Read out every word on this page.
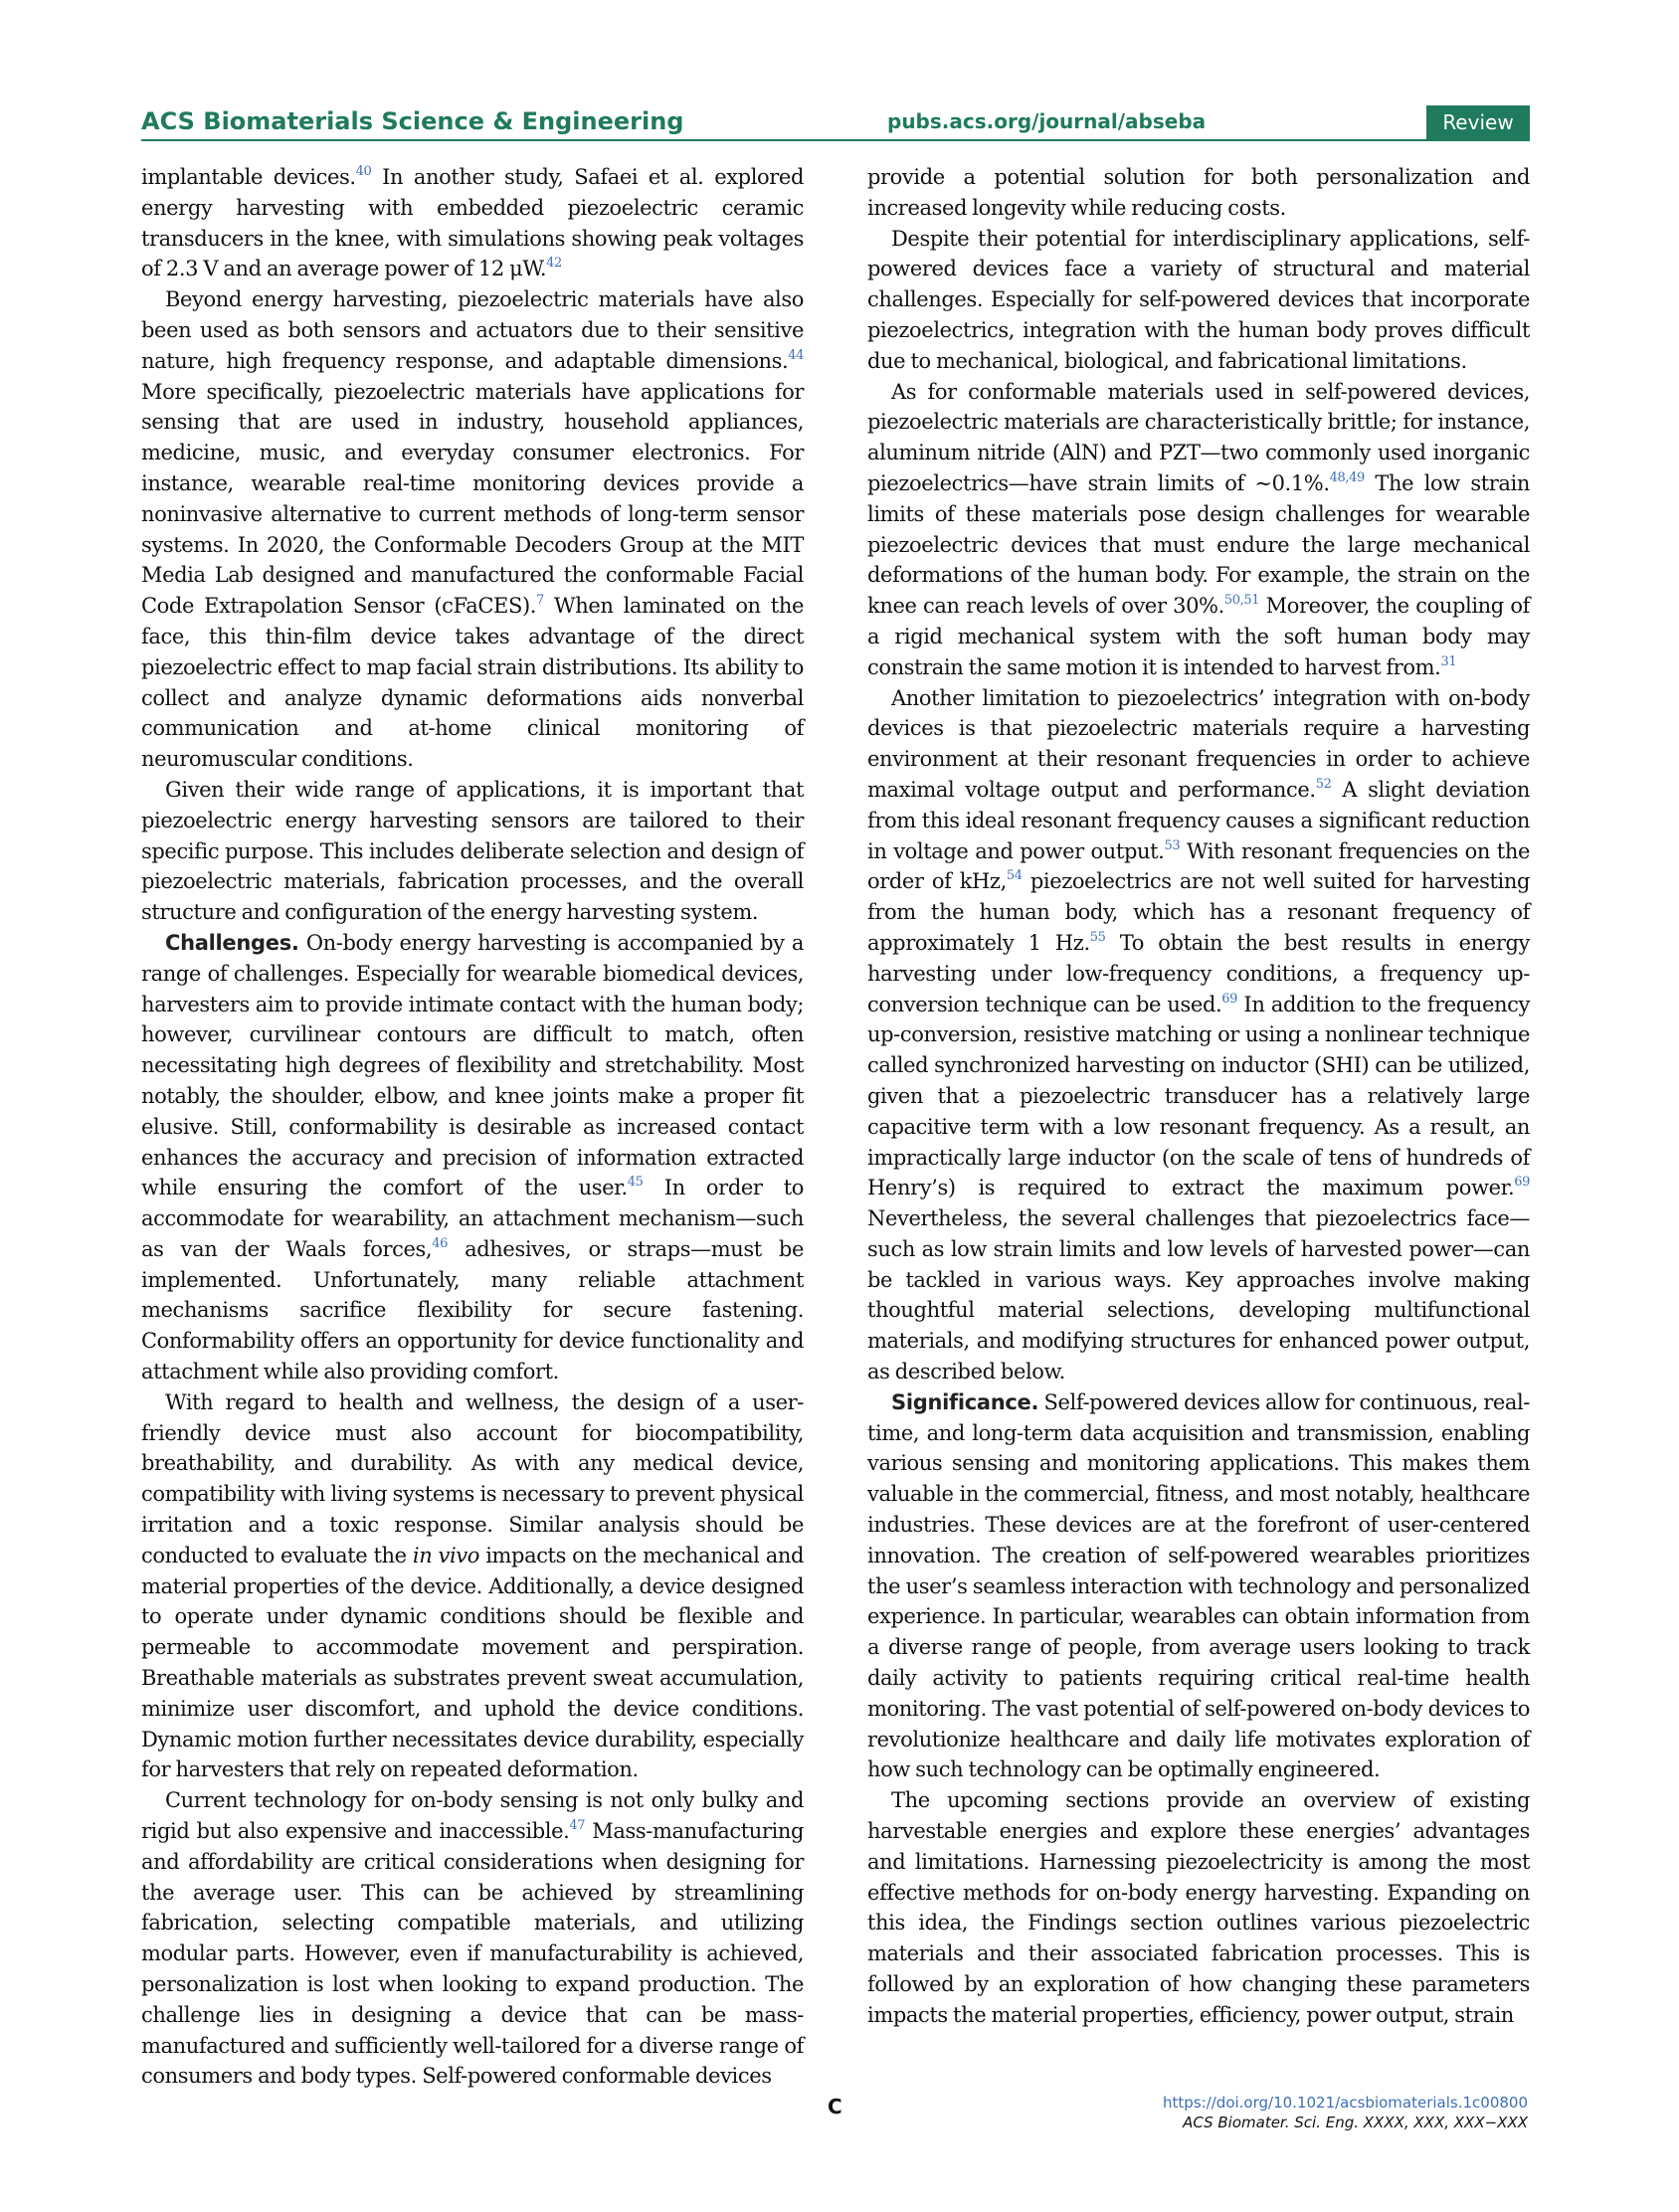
ACS Biomaterials Science & Engineering	pubs.acs.org/journal/abseba	Review

implantable devices.$^{40}$ In another study, Safaei et al. explored energy harvesting with embedded piezoelectric ceramic transducers in the knee, with simulations showing peak voltages of 2.3 V and an average power of 12 μW.$^{42}$

Beyond energy harvesting, piezoelectric materials have also been used as both sensors and actuators due to their sensitive nature, high frequency response, and adaptable dimensions.$^{44}$ More specifically, piezoelectric materials have applications for sensing that are used in industry, household appliances, medicine, music, and everyday consumer electronics. For instance, wearable real-time monitoring devices provide a noninvasive alternative to current methods of long-term sensor systems. In 2020, the Conformable Decoders Group at the MIT Media Lab designed and manufactured the conformable Facial Code Extrapolation Sensor (cFaCES).$^7$ When laminated on the face, this thin-film device takes advantage of the direct piezoelectric effect to map facial strain distributions. Its ability to collect and analyze dynamic deformations aids nonverbal communication and at-home clinical monitoring of neuromuscular conditions.

Given their wide range of applications, it is important that piezoelectric energy harvesting sensors are tailored to their specific purpose. This includes deliberate selection and design of piezoelectric materials, fabrication processes, and the overall structure and configuration of the energy harvesting system.

Challenges. On-body energy harvesting is accompanied by a range of challenges. Especially for wearable biomedical devices, harvesters aim to provide intimate contact with the human body; however, curvilinear contours are difficult to match, often necessitating high degrees of flexibility and stretchability. Most notably, the shoulder, elbow, and knee joints make a proper fit elusive. Still, conformability is desirable as increased contact enhances the accuracy and precision of information extracted while ensuring the comfort of the user.$^{45}$ In order to accommodate for wearability, an attachment mechanism—such as van der Waals forces,$^{46}$ adhesives, or straps—must be implemented. Unfortunately, many reliable attachment mechanisms sacrifice flexibility for secure fastening. Conformability offers an opportunity for device functionality and attachment while also providing comfort.

With regard to health and wellness, the design of a user-friendly device must also account for biocompatibility, breathability, and durability. As with any medical device, compatibility with living systems is necessary to prevent physical irritation and a toxic response. Similar analysis should be conducted to evaluate the in vivo impacts on the mechanical and material properties of the device. Additionally, a device designed to operate under dynamic conditions should be flexible and permeable to accommodate movement and perspiration. Breathable materials as substrates prevent sweat accumulation, minimize user discomfort, and uphold the device conditions. Dynamic motion further necessitates device durability, especially for harvesters that rely on repeated deformation.

Current technology for on-body sensing is not only bulky and rigid but also expensive and inaccessible.$^{47}$ Mass-manufacturing and affordability are critical considerations when designing for the average user. This can be achieved by streamlining fabrication, selecting compatible materials, and utilizing modular parts. However, even if manufacturability is achieved, personalization is lost when looking to expand production. The challenge lies in designing a device that can be mass-manufactured and sufficiently well-tailored for a diverse range of consumers and body types. Self-powered conformable devices

provide a potential solution for both personalization and increased longevity while reducing costs.

Despite their potential for interdisciplinary applications, self-powered devices face a variety of structural and material challenges. Especially for self-powered devices that incorporate piezoelectrics, integration with the human body proves difficult due to mechanical, biological, and fabricational limitations.

As for conformable materials used in self-powered devices, piezoelectric materials are characteristically brittle; for instance, aluminum nitride (AlN) and PZT—two commonly used inorganic piezoelectrics—have strain limits of ∼0.1%.$^{48,49}$ The low strain limits of these materials pose design challenges for wearable piezoelectric devices that must endure the large mechanical deformations of the human body. For example, the strain on the knee can reach levels of over 30%.$^{50,51}$ Moreover, the coupling of a rigid mechanical system with the soft human body may constrain the same motion it is intended to harvest from.$^{31}$

Another limitation to piezoelectrics’ integration with on-body devices is that piezoelectric materials require a harvesting environment at their resonant frequencies in order to achieve maximal voltage output and performance.$^{52}$ A slight deviation from this ideal resonant frequency causes a significant reduction in voltage and power output.$^{53}$ With resonant frequencies on the order of kHz,$^{54}$ piezoelectrics are not well suited for harvesting from the human body, which has a resonant frequency of approximately 1 Hz.$^{55}$ To obtain the best results in energy harvesting under low-frequency conditions, a frequency up-conversion technique can be used.$^{69}$ In addition to the frequency up-conversion, resistive matching or using a nonlinear technique called synchronized harvesting on inductor (SHI) can be utilized, given that a piezoelectric transducer has a relatively large capacitive term with a low resonant frequency. As a result, an impractically large inductor (on the scale of tens of hundreds of Henry’s) is required to extract the maximum power.$^{69}$ Nevertheless, the several challenges that piezoelectrics face—such as low strain limits and low levels of harvested power—can be tackled in various ways. Key approaches involve making thoughtful material selections, developing multifunctional materials, and modifying structures for enhanced power output, as described below.

Significance. Self-powered devices allow for continuous, real-time, and long-term data acquisition and transmission, enabling various sensing and monitoring applications. This makes them valuable in the commercial, fitness, and most notably, healthcare industries. These devices are at the forefront of user-centered innovation. The creation of self-powered wearables prioritizes the user’s seamless interaction with technology and personalized experience. In particular, wearables can obtain information from a diverse range of people, from average users looking to track daily activity to patients requiring critical real-time health monitoring. The vast potential of self-powered on-body devices to revolutionize healthcare and daily life motivates exploration of how such technology can be optimally engineered.

The upcoming sections provide an overview of existing harvestable energies and explore these energies’ advantages and limitations. Harnessing piezoelectricity is among the most effective methods for on-body energy harvesting. Expanding on this idea, the Findings section outlines various piezoelectric materials and their associated fabrication processes. This is followed by an exploration of how changing these parameters impacts the material properties, efficiency, power output, strain

C	https://doi.org/10.1021/acsbiomaterials.1c00800
ACS Biomater. Sci. Eng. XXXX, XXX, XXX−XXX
